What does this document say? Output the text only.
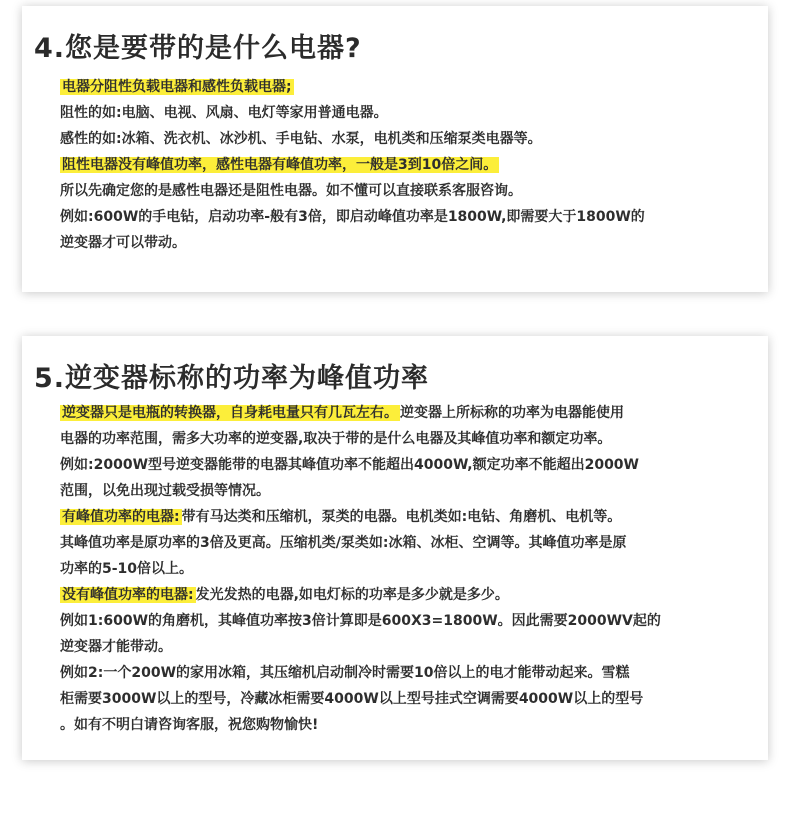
4.您是要带的是什么电器?

电器分阻性负载电器和感性负载电器;

阻性的如:电脑、电视、风扇、电灯等家用普通电器。

感性的如:冰箱、洗衣机、冰沙机、手电钻、水泵，电机类和压缩泵类电器等。

阻性电器没有峰值功率，感性电器有峰值功率，一般是3到10倍之间。

所以先确定您的是感性电器还是阻性电器。如不懂可以直接联系客服咨询。

例如:600W的手电钻，启动功率-般有3倍，即启动峰值功率是1800W,即需要大于1800W的

逆变器才可以带动。

5.逆变器标称的功率为峰值功率

逆变器只是电瓶的转换器，自身耗电量只有几瓦左右。 逆变器上所标称的功率为电器能使用

电器的功率范围，需多大功率的逆变器,取决于带的是什么电器及其峰值功率和额定功率。

例如:2000W型号逆变器能带的电器其峰值功率不能超出4000W,额定功率不能超出2000W

范围，以免出现过载受损等情况。

有峰值功率的电器: 带有马达类和压缩机，泵类的电器。电机类如:电钻、角磨机、电机等。

其峰值功率是原功率的3倍及更高。压缩机类/泵类如:冰箱、冰柜、空调等。其峰值功率是原

功率的5-10倍以上。

没有峰值功率的电器: 发光发热的电器,如电灯标的功率是多少就是多少。

例如1:600W的角磨机，其峰值功率按3倍计算即是600X3=1800W。因此需要2000WV起的

逆变器才能带动。

例如2:一个200W的家用冰箱，其压缩机启动制冷时需要10倍以上的电才能带动起来。雪糕

柜需要3000W以上的型号，冷藏冰柜需要4000W以上型号挂式空调需要4000W以上的型号

。如有不明白请咨询客服，祝您购物愉快!
